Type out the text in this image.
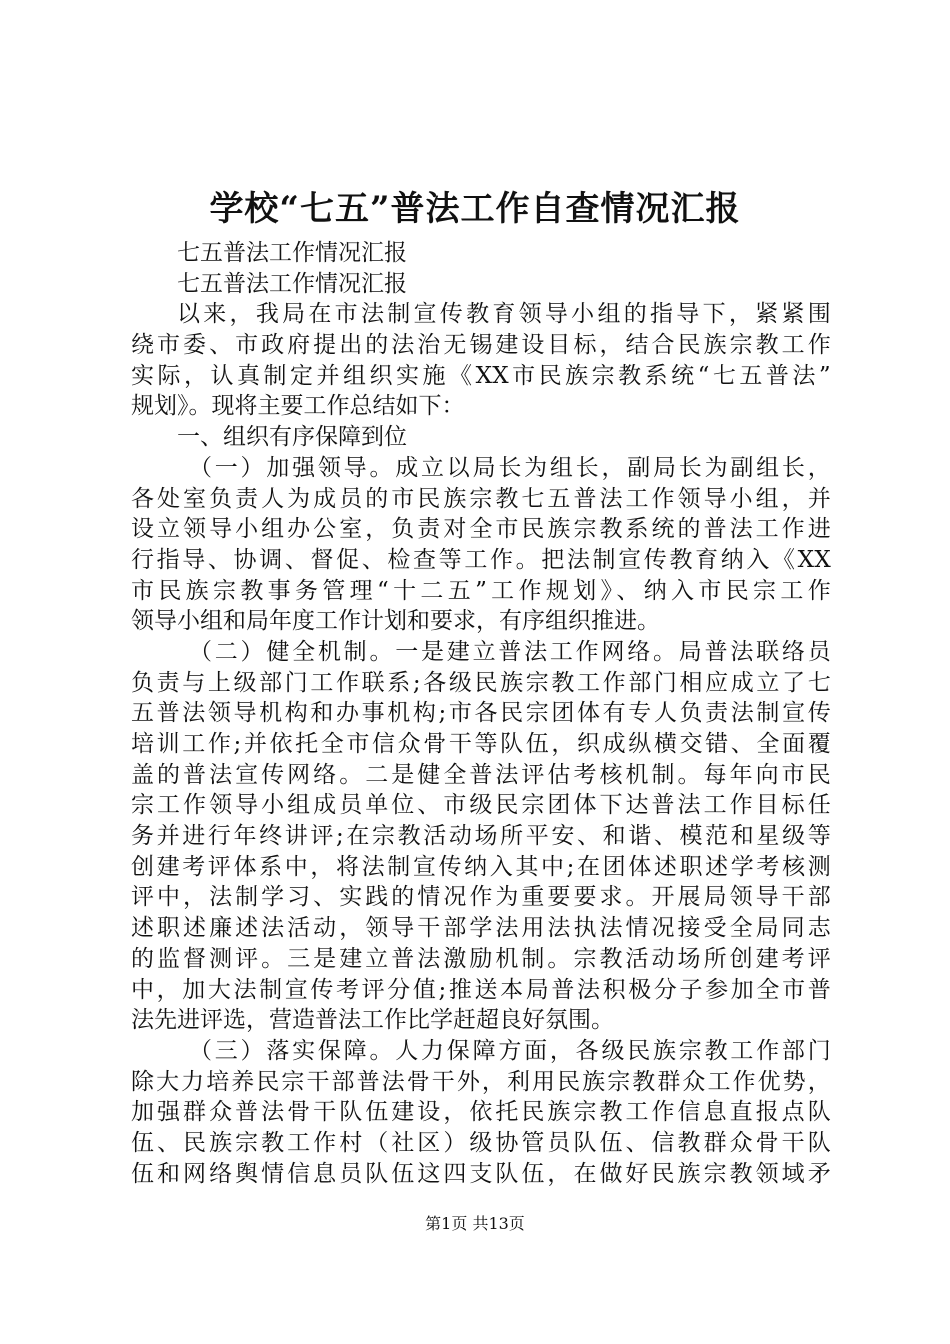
学校“七五”普法工作自查情况汇报
七五普法工作情况汇报
七五普法工作情况汇报
以来，我局在市法制宣传教育领导小组的指导下，紧紧围
绕市委、市政府提出的法治无锡建设目标，结合民族宗教工作
实际，认真制定并组织实施《XX市民族宗教系统“七五普法”
规划》。现将主要工作总结如下：
一、组织有序保障到位
（一）加强领导。成立以局长为组长，副局长为副组长，
各处室负责人为成员的市民族宗教七五普法工作领导小组，并
设立领导小组办公室，负责对全市民族宗教系统的普法工作进
行指导、协调、督促、检查等工作。把法制宣传教育纳入《XX
市民族宗教事务管理“十二五”工作规划》、纳入市民宗工作
领导小组和局年度工作计划和要求，有序组织推进。
（二）健全机制。一是建立普法工作网络。局普法联络员
负责与上级部门工作联系;各级民族宗教工作部门相应成立了七
五普法领导机构和办事机构;市各民宗团体有专人负责法制宣传
培训工作;并依托全市信众骨干等队伍，织成纵横交错、全面覆
盖的普法宣传网络。二是健全普法评估考核机制。每年向市民
宗工作领导小组成员单位、市级民宗团体下达普法工作目标任
务并进行年终讲评;在宗教活动场所平安、和谐、模范和星级等
创建考评体系中，将法制宣传纳入其中;在团体述职述学考核测
评中，法制学习、实践的情况作为重要要求。开展局领导干部
述职述廉述法活动，领导干部学法用法执法情况接受全局同志
的监督测评。三是建立普法激励机制。宗教活动场所创建考评
中，加大法制宣传考评分值;推送本局普法积极分子参加全市普
法先进评选，营造普法工作比学赶超良好氛围。
（三）落实保障。人力保障方面，各级民族宗教工作部门
除大力培养民宗干部普法骨干外，利用民族宗教群众工作优势，
加强群众普法骨干队伍建设，依托民族宗教工作信息直报点队
伍、民族宗教工作村（社区）级协管员队伍、信教群众骨干队
伍和网络舆情信息员队伍这四支队伍，在做好民族宗教领域矛
第1页 共13页
